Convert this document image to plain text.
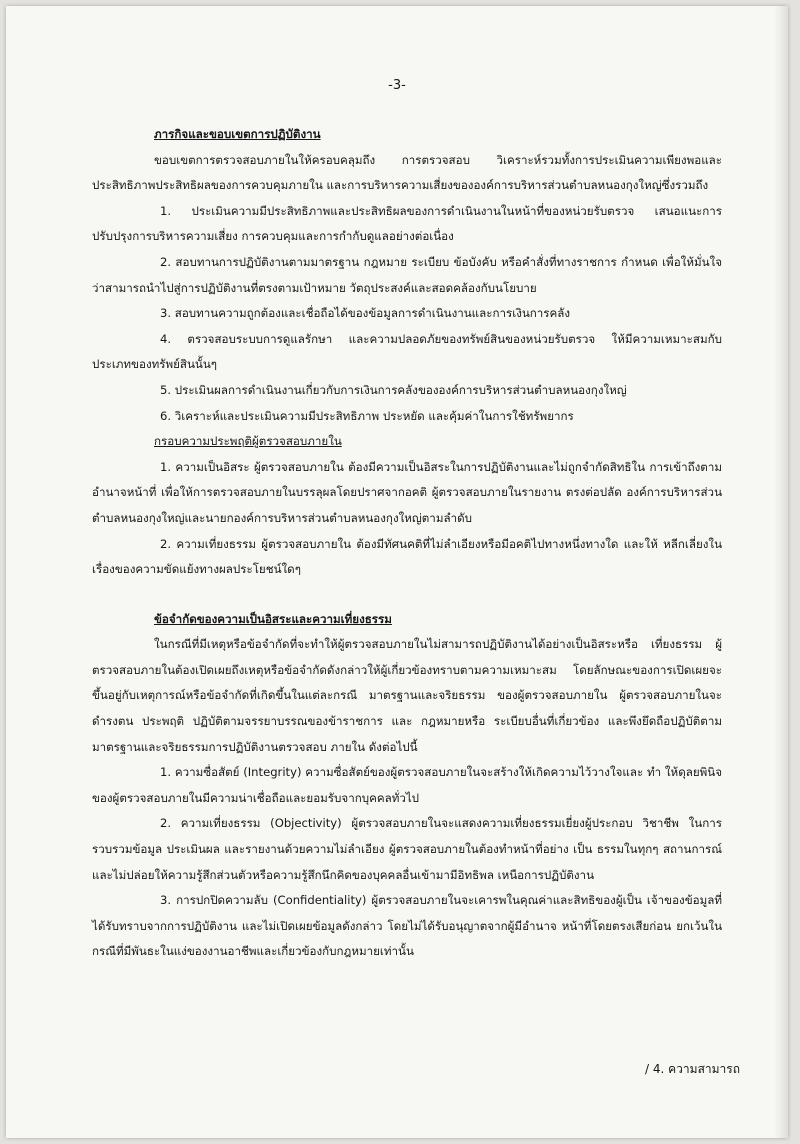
-3-

ภารกิจและขอบเขตการปฏิบัติงาน

ขอบเขตการตรวจสอบภายในให้ครอบคลุมถึง การตรวจสอบ วิเคราะห์รวมทั้งการประเมินความเพียงพอและประสิทธิภาพประสิทธิผลของการควบคุมภายใน และการบริหารความเสี่ยงขององค์การบริหารส่วนตำบลหนองกุงใหญ่ซึ่งรวมถึง

1. ประเมินความมีประสิทธิภาพและประสิทธิผลของการดำเนินงานในหน้าที่ของหน่วยรับตรวจ เสนอแนะการปรับปรุงการบริหารความเสี่ยง การควบคุมและการกำกับดูแลอย่างต่อเนื่อง

2. สอบทานการปฏิบัติงานตามมาตรฐาน กฎหมาย ระเบียบ ข้อบังคับ หรือคำสั่งที่ทางราชการ กำหนด เพื่อให้มั่นใจว่าสามารถนำไปสู่การปฏิบัติงานที่ตรงตามเป้าหมาย วัตถุประสงค์และสอดคล้องกับนโยบาย

3. สอบทานความถูกต้องและเชื่อถือได้ของข้อมูลการดำเนินงานและการเงินการคลัง

4. ตรวจสอบระบบการดูแลรักษา และความปลอดภัยของทรัพย์สินของหน่วยรับตรวจ ให้มีความเหมาะสมกับประเภทของทรัพย์สินนั้นๆ

5. ประเมินผลการดำเนินงานเกี่ยวกับการเงินการคลังขององค์การบริหารส่วนตำบลหนองกุงใหญ่

6. วิเคราะห์และประเมินความมีประสิทธิภาพ ประหยัด และคุ้มค่าในการใช้ทรัพยากร

กรอบความประพฤติผู้ตรวจสอบภายใน

1. ความเป็นอิสระ ผู้ตรวจสอบภายใน ต้องมีความเป็นอิสระในการปฏิบัติงานและไม่ถูกจำกัดสิทธิใน การเข้าถึงตาม อำนาจหน้าที่ เพื่อให้การตรวจสอบภายในบรรลุผลโดยปราศจากอคติ ผู้ตรวจสอบภายในรายงาน ตรงต่อปลัด องค์การบริหารส่วนตำบลหนองกุงใหญ่และนายกองค์การบริหารส่วนตำบลหนองกุงใหญ่ตามลำดับ

2. ความเที่ยงธรรม ผู้ตรวจสอบภายใน ต้องมีทัศนคติที่ไม่ลำเอียงหรือมีอคติไปทางหนึ่งทางใด และให้ หลีกเลี่ยงใน เรื่องของความขัดแย้งทางผลประโยชน์ใดๆ

ข้อจำกัดของความเป็นอิสระและความเที่ยงธรรม

ในกรณีที่มีเหตุหรือข้อจำกัดที่จะทำให้ผู้ตรวจสอบภายในไม่สามารถปฏิบัติงานได้อย่างเป็นอิสระหรือ เที่ยงธรรม ผู้ตรวจสอบภายในต้องเปิดเผยถึงเหตุหรือข้อจำกัดดังกล่าวให้ผู้เกี่ยวข้องทราบตามความเหมาะสม โดยลักษณะของการเปิดเผยจะขึ้นอยู่กับเหตุการณ์หรือข้อจำกัดที่เกิดขึ้นในแต่ละกรณี มาตรฐานและจริยธรรม ของผู้ตรวจสอบภายใน ผู้ตรวจสอบภายในจะดำรงตน ประพฤติ ปฏิบัติตามจรรยาบรรณของข้าราชการ และ กฎหมายหรือ ระเบียบอื่นที่เกี่ยวข้อง และพึงยึดถือปฏิบัติตามมาตรฐานและจริยธรรมการปฏิบัติงานตรวจสอบ ภายใน ดังต่อไปนี้

1. ความซื่อสัตย์ (Integrity) ความซื่อสัตย์ของผู้ตรวจสอบภายในจะสร้างให้เกิดความไว้วางใจและ ทำ ให้ดุลยพินิจของผู้ตรวจสอบภายในมีความน่าเชื่อถือและยอมรับจากบุคคลทั่วไป

2. ความเที่ยงธรรม (Objectivity) ผู้ตรวจสอบภายในจะแสดงความเที่ยงธรรมเยี่ยงผู้ประกอบ วิชาชีพ ในการรวบรวมข้อมูล ประเมินผล และรายงานด้วยความไม่ลำเอียง ผู้ตรวจสอบภายในต้องทำหน้าที่อย่าง เป็น ธรรมในทุกๆ สถานการณ์ และไม่ปล่อยให้ความรู้สึกส่วนตัวหรือความรู้สึกนึกคิดของบุคคลอื่นเข้ามามีอิทธิพล เหนือการปฏิบัติงาน

3. การปกปิดความลับ (Confidentiality) ผู้ตรวจสอบภายในจะเคารพในคุณค่าและสิทธิของผู้เป็น เจ้าของข้อมูลที่ได้รับทราบจากการปฏิบัติงาน และไม่เปิดเผยข้อมูลดังกล่าว โดยไม่ได้รับอนุญาตจากผู้มีอำนาจ หน้าที่โดยตรงเสียก่อน ยกเว้นในกรณีที่มีพันธะในแง่ของงานอาชีพและเกี่ยวข้องกับกฎหมายเท่านั้น

/ 4. ความสามารถ
